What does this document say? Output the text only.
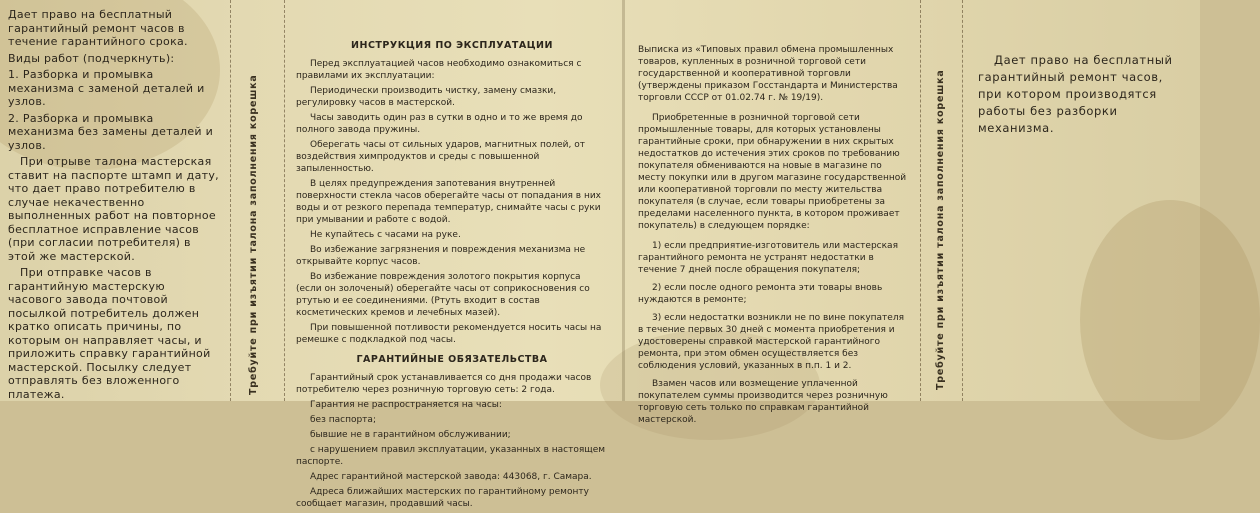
Дает право на бесплатный гарантийный ремонт часов в течение гарантийного срока.

Виды работ (подчеркнуть):

1. Разборка и промывка механизма с заменой деталей и узлов.

2. Разборка и промывка механизма без замены деталей и узлов.

При отрыве талона мастерская ставит на паспорте штамп и дату, что дает право потребителю в случае некачественно выполненных работ на повторное бесплатное исправление часов (при согласии потребителя) в этой же мастерской.

При отправке часов в гарантийную мастерскую часового завода почтовой посылкой потребитель должен кратко описать причины, по которым он направляет часы, и приложить справку гарантийной мастерской. Посылку следует отправлять без вложенного платежа.	Требуйте при изъятии талона заполнения корешка

ИНСТРУКЦИЯ ПО ЭКСПЛУАТАЦИИ

Перед эксплуатацией часов необходимо ознакомиться с правилами их эксплуатации:

Периодически производить чистку, замену смазки, регулировку часов в мастерской.

Часы заводить один раз в сутки в одно и то же время до полного завода пружины.

Оберегать часы от сильных ударов, магнитных полей, от воздействия химпродуктов и среды с повышенной запыленностью.

В целях предупреждения запотевания внутренней поверхности стекла часов оберегайте часы от попадания в них воды и от резкого перепада температур, снимайте часы с руки при умывании и работе с водой.

Не купайтесь с часами на руке.

Во избежание загрязнения и повреждения механизма не открывайте корпус часов.

Во избежание повреждения золотого покрытия корпуса (если он золоченый) оберегайте часы от соприкосновения со ртутью и ее соединениями. (Ртуть входит в состав косметических кремов и лечебных мазей).

При повышенной потливости рекомендуется носить часы на ремешке с подкладкой под часы.

ГАРАНТИЙНЫЕ ОБЯЗАТЕЛЬСТВА

Гарантийный срок устанавливается со дня продажи часов потребителю через розничную торговую сеть: 2 года.

Гарантия не распространяется на часы:

без паспорта;

бывшие не в гарантийном обслуживании;

с нарушением правил эксплуатации, указанных в настоящем паспорте.

Адрес гарантийной мастерской завода: 443068, г. Самара.

Адреса ближайших мастерских по гарантийному ремонту сообщает магазин, продавший часы.

Выписка из «Типовых правил обмена промышленных товаров, купленных в розничной торговой сети государственной и кооперативной торговли (утверждены приказом Госстандарта и Министерства торговли СССР от 01.02.74 г. № 19/19).

Приобретенные в розничной торговой сети промышленные товары, для которых установлены гарантийные сроки, при обнаружении в них скрытых недостатков до истечения этих сроков по требованию покупателя обмениваются на новые в магазине по месту покупки или в другом магазине государственной или кооперативной торговли по месту жительства покупателя (в случае, если товары приобретены за пределами населенного пункта, в котором проживает покупатель) в следующем порядке:

1) если предприятие-изготовитель или мастерская гарантийного ремонта не устранят недостатки в течение 7 дней после обращения покупателя;

2) если после одного ремонта эти товары вновь нуждаются в ремонте;

3) если недостатки возникли не по вине покупателя в течение первых 30 дней с момента приобретения и удостоверены справкой мастерской гарантийного ремонта, при этом обмен осуществляется без соблюдения условий, указанных в п.п. 1 и 2.

Взамен часов или возмещение уплаченной покупателем суммы производится через розничную торговую сеть только по справкам гарантийной мастерской.

Требуйте при изъятии талона заполнения корешка

Дает право на бесплатный гарантийный ремонт часов, при котором производятся работы без разборки механизма.
